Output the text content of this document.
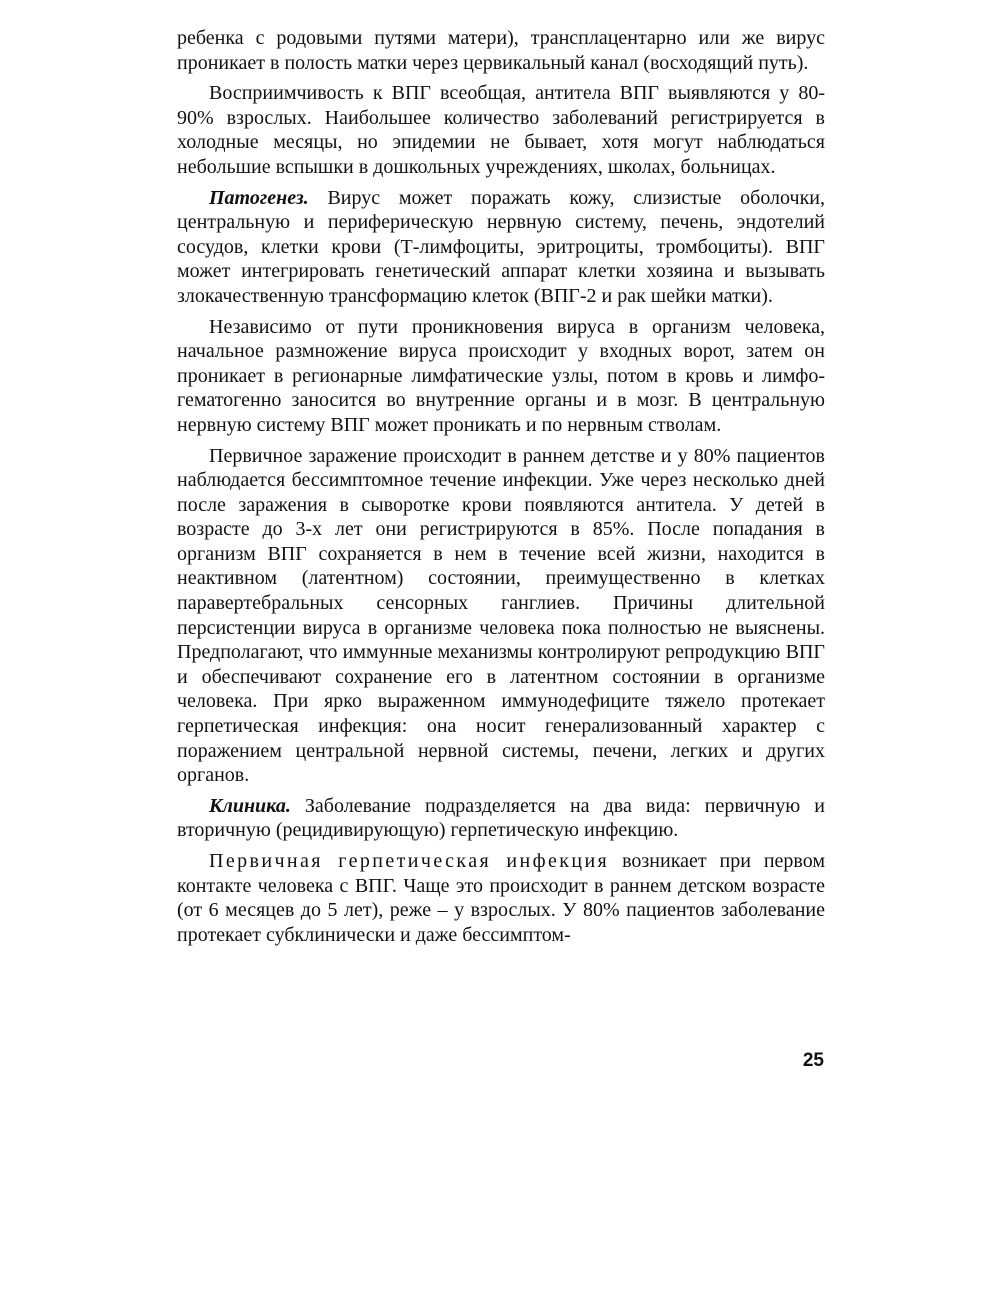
ребенка с родовыми путями матери), трансплацентарно или же вирус проникает в полость матки через цервикальный канал (восходящий путь).

Восприимчивость к ВПГ всеобщая, антитела ВПГ выявляются у 80-90% взрослых. Наибольшее количество заболеваний регистрируется в холодные месяцы, но эпидемии не бывает, хотя могут наблюдаться небольшие вспышки в дошкольных учреждениях, школах, больницах.

Патогенез. Вирус может поражать кожу, слизистые оболочки, центральную и периферическую нервную систему, печень, эндотелий сосудов, клетки крови (Т-лимфоциты, эритроциты, тромбоциты). ВПГ может интегрировать генетический аппарат клетки хозяина и вызывать злокачественную трансформацию клеток (ВПГ-2 и рак шейки матки).

Независимо от пути проникновения вируса в организм человека, начальное размножение вируса происходит у входных ворот, затем он проникает в регионарные лимфатические узлы, потом в кровь и лимфо-гематогенно заносится во внутренние органы и в мозг. В центральную нервную систему ВПГ может проникать и по нервным стволам.

Первичное заражение происходит в раннем детстве и у 80% пациентов наблюдается бессимптомное течение инфекции. Уже через несколько дней после заражения в сыворотке крови появляются антитела. У детей в возрасте до 3-х лет они регистрируются в 85%. После попадания в организм ВПГ сохраняется в нем в течение всей жизни, находится в неактивном (латентном) состоянии, преимущественно в клетках паравертебральных сенсорных ганглиев. Причины длительной персистенции вируса в организме человека пока полностью не выяснены. Предполагают, что иммунные механизмы контролируют репродукцию ВПГ и обеспечивают сохранение его в латентном состоянии в организме человека. При ярко выраженном иммунодефиците тяжело протекает герпетическая инфекция: она носит генерализованный характер с поражением центральной нервной системы, печени, легких и других органов.

Клиника. Заболевание подразделяется на два вида: первичную и вторичную (рецидивирующую) герпетическую инфекцию.

Первичная герпетическая инфекция возникает при первом контакте человека с ВПГ. Чаще это происходит в раннем детском возрасте (от 6 месяцев до 5 лет), реже – у взрослых. У 80% пациентов заболевание протекает субклинически и даже бессимптом-

25
